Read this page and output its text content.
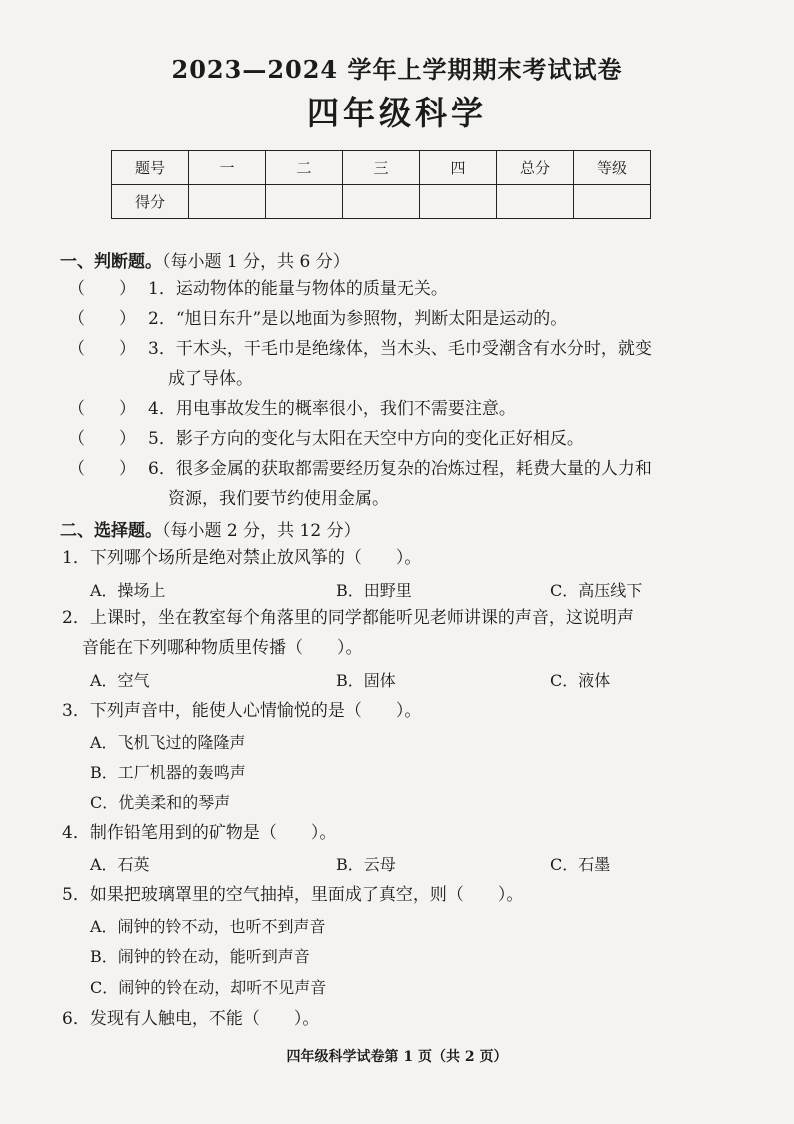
2023—2024 学年上学期期末考试试卷
四年级科学
题号	一	二	三	四	总分	等级
得分						
一、判断题。（每小题 1 分，共 6 分）
（　　） 1．运动物体的能量与物体的质量无关。
（　　） 2．“旭日东升”是以地面为参照物，判断太阳是运动的。
（　　） 3．干木头，干毛巾是绝缘体，当木头、毛巾受潮含有水分时，就变
成了导体。
（　　） 4．用电事故发生的概率很小，我们不需要注意。
（　　） 5．影子方向的变化与太阳在天空中方向的变化正好相反。
（　　） 6．很多金属的获取都需要经历复杂的冶炼过程，耗费大量的人力和
资源，我们要节约使用金属。
二、选择题。（每小题 2 分，共 12 分）
1．下列哪个场所是绝对禁止放风筝的（　　）。
A．操场上	B．田野里	C．高压线下
2．上课时，坐在教室每个角落里的同学都能听见老师讲课的声音，这说明声
音能在下列哪种物质里传播（　　）。
A．空气	B．固体	C．液体
3．下列声音中，能使人心情愉悦的是（　　）。
A．飞机飞过的隆隆声
B．工厂机器的轰鸣声
C．优美柔和的琴声
4．制作铅笔用到的矿物是（　　）。
A．石英	B．云母	C．石墨
5．如果把玻璃罩里的空气抽掉，里面成了真空，则（　　）。
A．闹钟的铃不动，也听不到声音
B．闹钟的铃在动，能听到声音
C．闹钟的铃在动，却听不见声音
6．发现有人触电，不能（　　）。
四年级科学试卷第 1 页（共 2 页）
